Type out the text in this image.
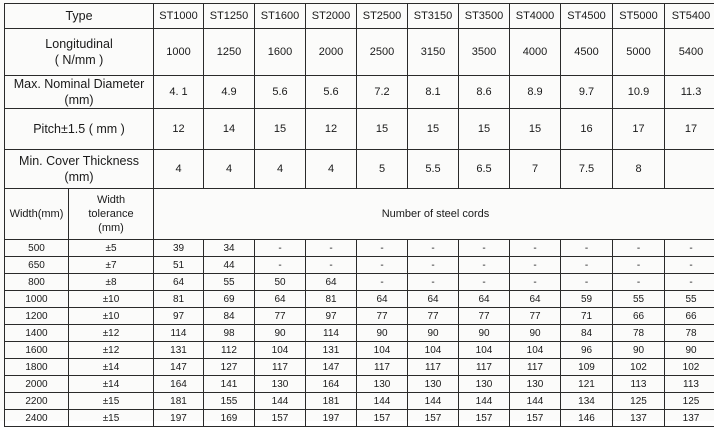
Type		ST1000	ST1250	ST1600	ST2000	ST2500	ST3150	ST3500	ST4000	ST4500	ST5000	ST5400

Longitudinal
( N/mm )		1000	1250	1600	2000	2500	3150	3500	4000	4500	5000	5400

Max. Nominal Diameter
(mm)		4. 1	4.9	5.6	5.6	7.2	8.1	8.6	8.9	9.7	10.9	11.3
Pitch±1.5 ( mm )		12	14	15	12	15	15	15	15	16	17	17

Min. Cover Thickness
(mm)		4	4	4	4	5	5.5	6.5	7	7.5	8	
Width(mm)	Width
tolerance
(mm)	Number of steel cords										
500	±5	39	34	-	-	-	-	-	-	-	-	-
650	±7	51	44	-	-	-	-	-	-	-	-	-
800	±8	64	55	50	64	-	-	-	-	-	-	-
1000	±10	81	69	64	81	64	64	64	64	59	55	55
1200	±10	97	84	77	97	77	77	77	77	71	66	66
1400	±12	114	98	90	114	90	90	90	90	84	78	78
1600	±12	131	112	104	131	104	104	104	104	96	90	90
1800	±14	147	127	117	147	117	117	117	117	109	102	102
2000	±14	164	141	130	164	130	130	130	130	121	113	113
2200	±15	181	155	144	181	144	144	144	144	134	125	125
2400	±15	197	169	157	197	157	157	157	157	146	137	137
